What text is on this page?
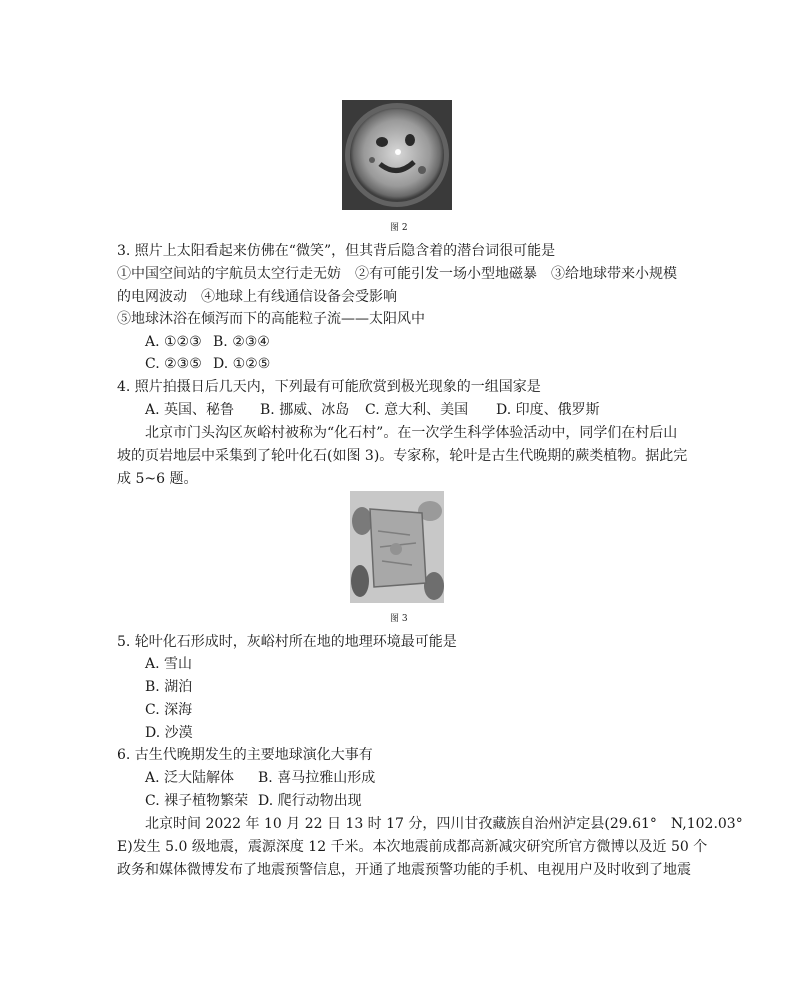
图 2
3. 照片上太阳看起来仿佛在“微笑”，但其背后隐含着的潜台词很可能是
①中国空间站的宇航员太空行走无妨　②有可能引发一场小型地磁暴　③给地球带来小规模
的电网波动　④地球上有线通信设备会受影响
⑤地球沐浴在倾泻而下的高能粒子流——太阳风中
A. ①②③ B. ②③④
C. ②③⑤ D. ①②⑤
4. 照片拍摄日后几天内，下列最有可能欣赏到极光现象的一组国家是
A. 英国、秘鲁 B. 挪威、冰岛 C. 意大利、美国 D. 印度、俄罗斯
北京市门头沟区灰峪村被称为“化石村”。在一次学生科学体验活动中，同学们在村后山
坡的页岩地层中采集到了轮叶化石(如图 3)。专家称，轮叶是古生代晚期的蕨类植物。据此完
成 5~6 题。
图 3
5. 轮叶化石形成时，灰峪村所在地的地理环境最可能是
A. 雪山
B. 湖泊
C. 深海
D. 沙漠
6. 古生代晚期发生的主要地球演化大事有
A. 泛大陆解体 B. 喜马拉雅山形成
C. 裸子植物繁荣 D. 爬行动物出现
北京时间 2022 年 10 月 22 日 13 时 17 分，四川甘孜藏族自治州泸定县(29.61°　N,102.03°
E)发生 5.0 级地震，震源深度 12 千米。本次地震前成都高新减灾研究所官方微博以及近 50 个
政务和媒体微博发布了地震预警信息，开通了地震预警功能的手机、电视用户及时收到了地震
